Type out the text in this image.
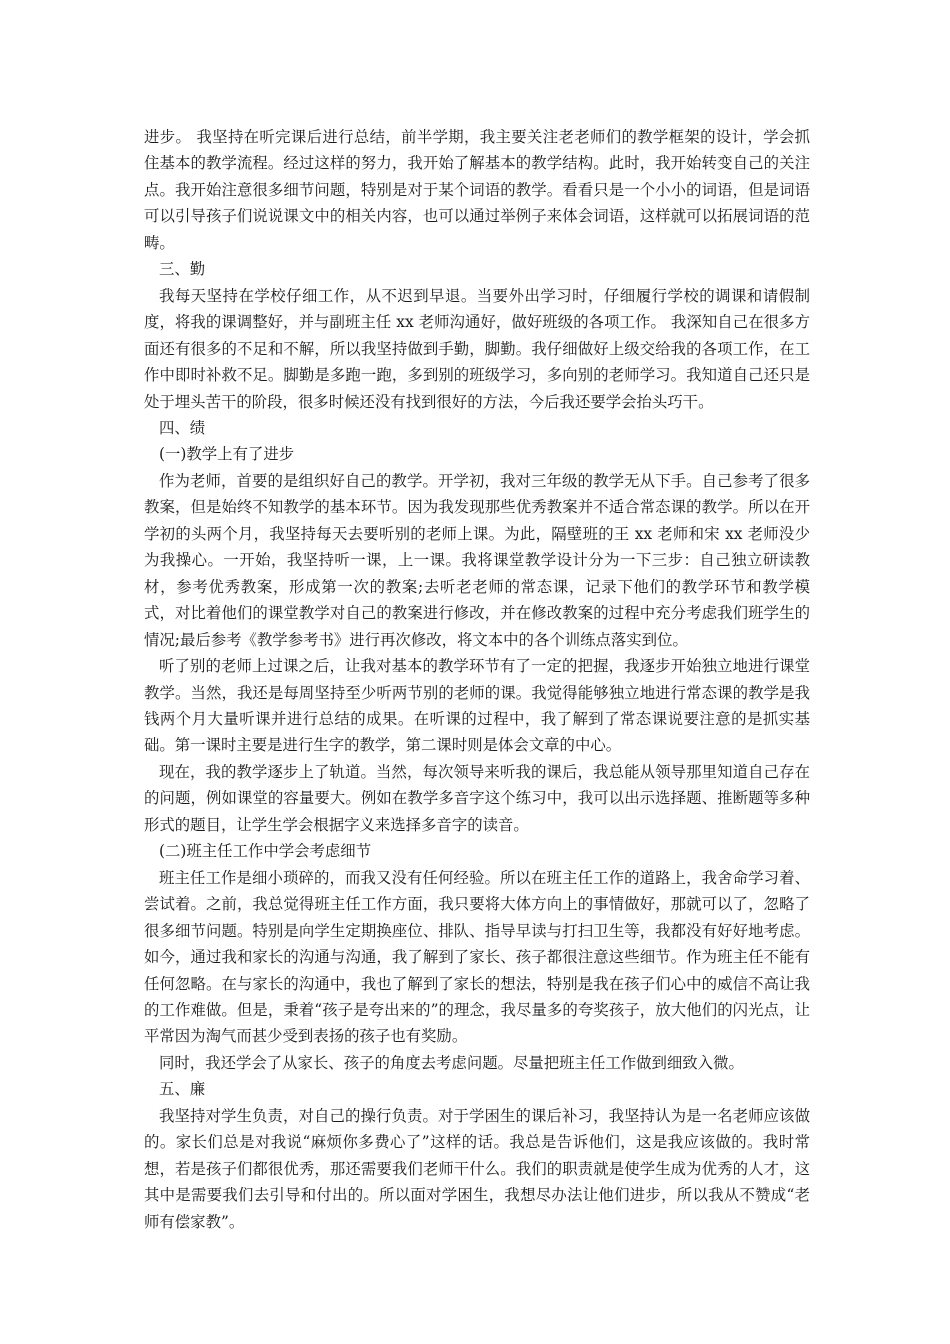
进步。 我坚持在听完课后进行总结，前半学期，我主要关注老老师们的教学框架的设计，学会抓住基本的教学流程。经过这样的努力，我开始了解基本的教学结构。此时，我开始转变自己的关注点。我开始注意很多细节问题，特别是对于某个词语的教学。看看只是一个小小的词语，但是词语可以引导孩子们说说课文中的相关内容，也可以通过举例子来体会词语，这样就可以拓展词语的范畴。

三、勤

我每天坚持在学校仔细工作，从不迟到早退。当要外出学习时，仔细履行学校的调课和请假制度，将我的课调整好，并与副班主任 xx 老师沟通好，做好班级的各项工作。 我深知自己在很多方面还有很多的不足和不解，所以我坚持做到手勤，脚勤。我仔细做好上级交给我的各项工作，在工作中即时补救不足。脚勤是多跑一跑，多到别的班级学习，多向别的老师学习。我知道自己还只是处于埋头苦干的阶段，很多时候还没有找到很好的方法，今后我还要学会抬头巧干。

四、绩

(一)教学上有了进步

作为老师，首要的是组织好自己的教学。开学初，我对三年级的教学无从下手。自己参考了很多教案，但是始终不知教学的基本环节。因为我发现那些优秀教案并不适合常态课的教学。所以在开学初的头两个月，我坚持每天去要听别的老师上课。为此，隔壁班的王 xx 老师和宋 xx 老师没少为我操心。一开始，我坚持听一课，上一课。我将课堂教学设计分为一下三步：自己独立研读教材，参考优秀教案，形成第一次的教案;去听老老师的常态课，记录下他们的教学环节和教学模式，对比着他们的课堂教学对自己的教案进行修改，并在修改教案的过程中充分考虑我们班学生的情况;最后参考《教学参考书》进行再次修改，将文本中的各个训练点落实到位。

听了别的老师上过课之后，让我对基本的教学环节有了一定的把握，我逐步开始独立地进行课堂教学。当然，我还是每周坚持至少听两节别的老师的课。我觉得能够独立地进行常态课的教学是我钱两个月大量听课并进行总结的成果。在听课的过程中，我了解到了常态课说要注意的是抓实基础。第一课时主要是进行生字的教学，第二课时则是体会文章的中心。

现在，我的教学逐步上了轨道。当然，每次领导来听我的课后，我总能从领导那里知道自己存在的问题，例如课堂的容量要大。例如在教学多音字这个练习中，我可以出示选择题、推断题等多种形式的题目，让学生学会根据字义来选择多音字的读音。

(二)班主任工作中学会考虑细节

班主任工作是细小琐碎的，而我又没有任何经验。所以在班主任工作的道路上，我舍命学习着、尝试着。之前，我总觉得班主任工作方面，我只要将大体方向上的事情做好，那就可以了，忽略了很多细节问题。特别是向学生定期换座位、排队、指导早读与打扫卫生等，我都没有好好地考虑。如今，通过我和家长的沟通与沟通，我了解到了家长、孩子都很注意这些细节。作为班主任不能有任何忽略。在与家长的沟通中，我也了解到了家长的想法，特别是我在孩子们心中的威信不高让我的工作难做。但是，秉着“孩子是夸出来的”的理念，我尽量多的夸奖孩子，放大他们的闪光点，让平常因为淘气而甚少受到表扬的孩子也有奖励。

同时，我还学会了从家长、孩子的角度去考虑问题。尽量把班主任工作做到细致入微。

五、廉

我坚持对学生负责，对自己的操行负责。对于学困生的课后补习，我坚持认为是一名老师应该做的。家长们总是对我说“麻烦你多费心了”这样的话。我总是告诉他们，这是我应该做的。我时常想，若是孩子们都很优秀，那还需要我们老师干什么。我们的职责就是使学生成为优秀的人才，这其中是需要我们去引导和付出的。所以面对学困生，我想尽办法让他们进步，所以我从不赞成“老师有偿家教”。
